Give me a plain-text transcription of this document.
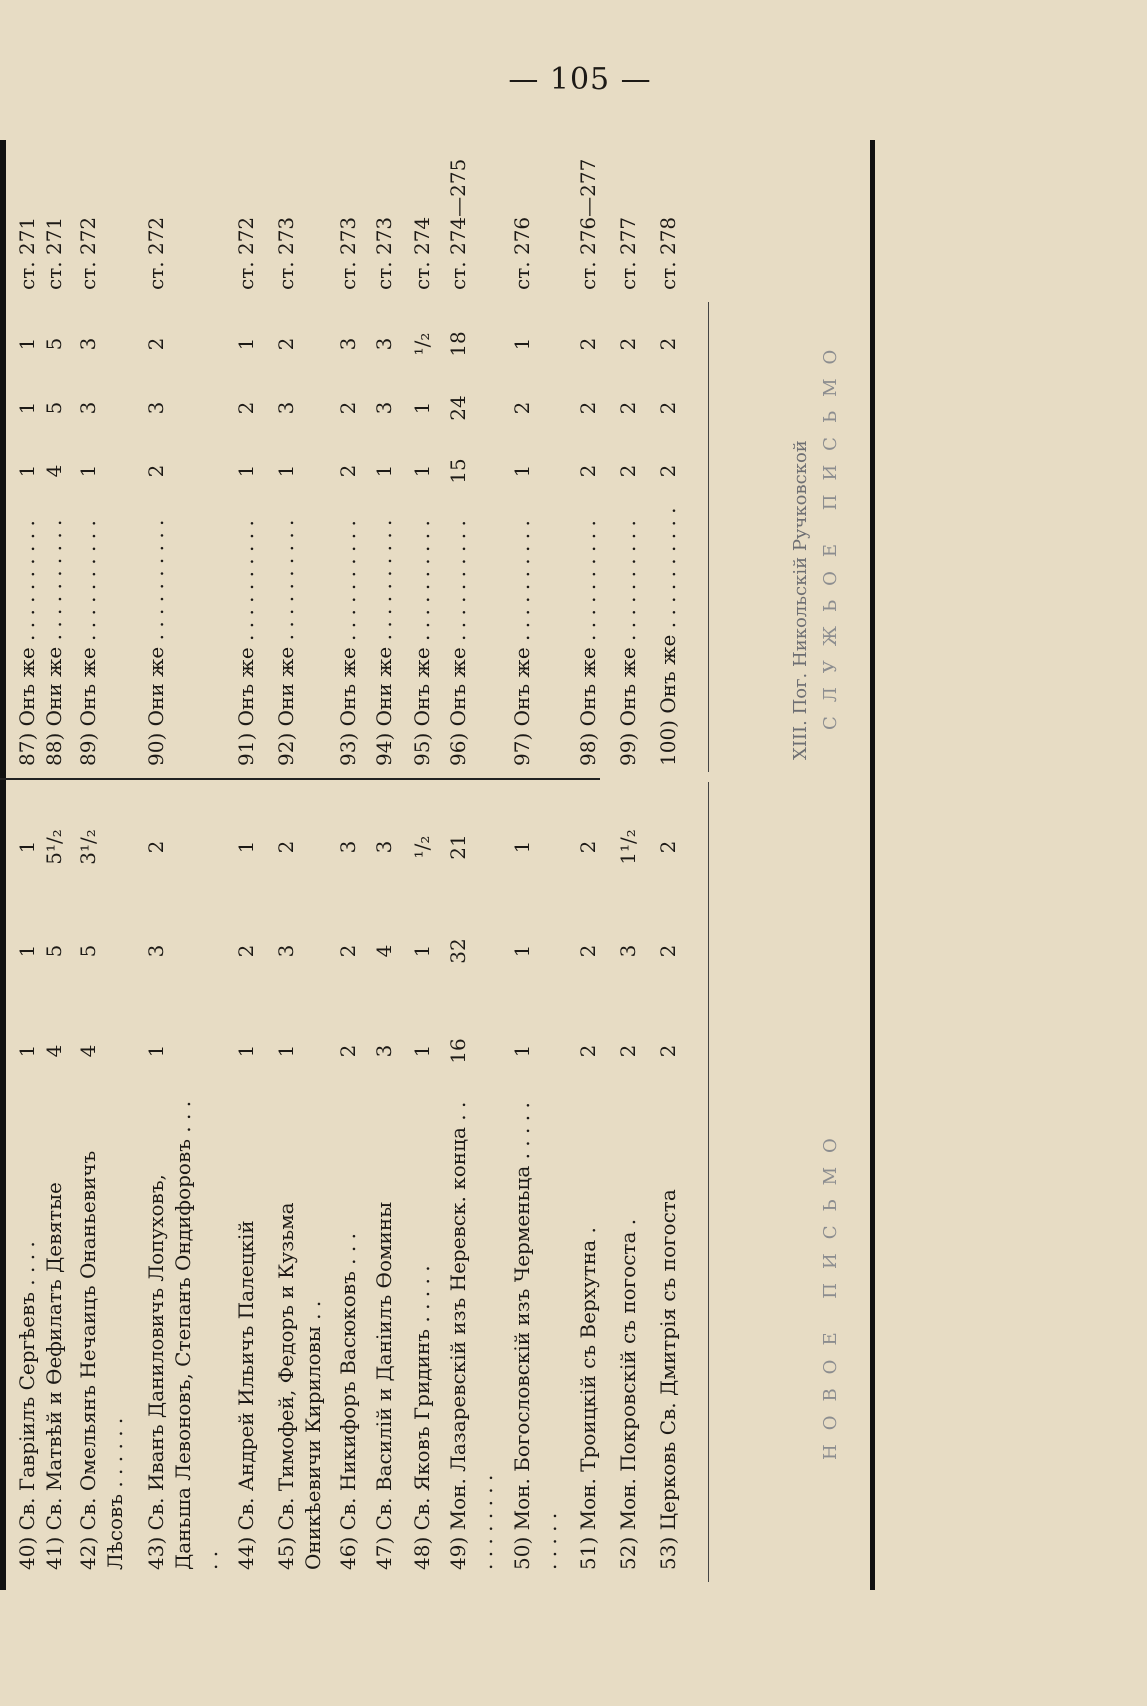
— 105 —
40) Св. Гаврiилъ Сергѣевъ . . . .
1
1
1
41) Св. Матвѣй и Ѳефилатъ Девятые
4
5
5¹/₂
42) Св. Омельянъ Нечаицъ Онаньевичъ Лѣсовъ . . . . . .
4
5
3¹/₂
43) Св. Иванъ Даниловичъ Лопуховъ, Даньша Левоновъ, Степанъ Ондифоровъ . . . . .
1
3
2
44) Св. Андрей Ильичъ Палецкiй
1
2
1
45) Св. Тимофей, Федоръ и Кузьма Оникѣевичи Кириловы . .
1
3
2
46) Св. Никифоръ Васюковъ . . .
2
2
3
47) Св. Василiй и Данiилъ Ѳомины
3
4
3
48) Св. Яковъ Гридинъ . . . . .
1
1
¹/₂
49) Мон. Лазаревскiй изъ Неревск. конца . . . . . . . . . .
16
32
21
50) Мон. Богословскiй изъ Черменьца . . . . . . . . . .
1
1
1
51) Мон. Троицкiй съ Верхутна .
2
2
2
52) Мон. Покровскiй съ погоста .
2
3
1¹/₂
53) Церковь Св. Дмитрiя съ погоста
2
2
2
87) Онъ же . . . . . . . . . .
1
1
1
ст. 271
88) Они же . . . . . . . . . .
4
5
5
ст. 271
89) Онъ же . . . . . . . . . .
1
3
3
ст. 272
90) Они же . . . . . . . . . .
2
3
2
ст. 272
91) Онъ же . . . . . . . . . .
1
2
1
ст. 272
92) Они же . . . . . . . . . .
1
3
2
ст. 273
93) Онъ же . . . . . . . . . .
2
2
3
ст. 273
94) Они же . . . . . . . . . .
1
3
3
ст. 273
95) Онъ же . . . . . . . . . .
1
1
¹/₂
ст. 274
96) Онъ же . . . . . . . . . .
15
24
18
ст. 274—275
97) Онъ же . . . . . . . . . .
1
2
1
ст. 276
98) Онъ же . . . . . . . . . .
2
2
2
ст. 276—277
99) Онъ же . . . . . . . . . .
2
2
2
ст. 277
100) Онъ же . . . . . . . . . .
2
2
2
ст. 278
XIII. Пог. Никольскiй Ручковской
НОВОЕ ПИСЬМО
СЛУЖЬОЕ ПИСЬМО
